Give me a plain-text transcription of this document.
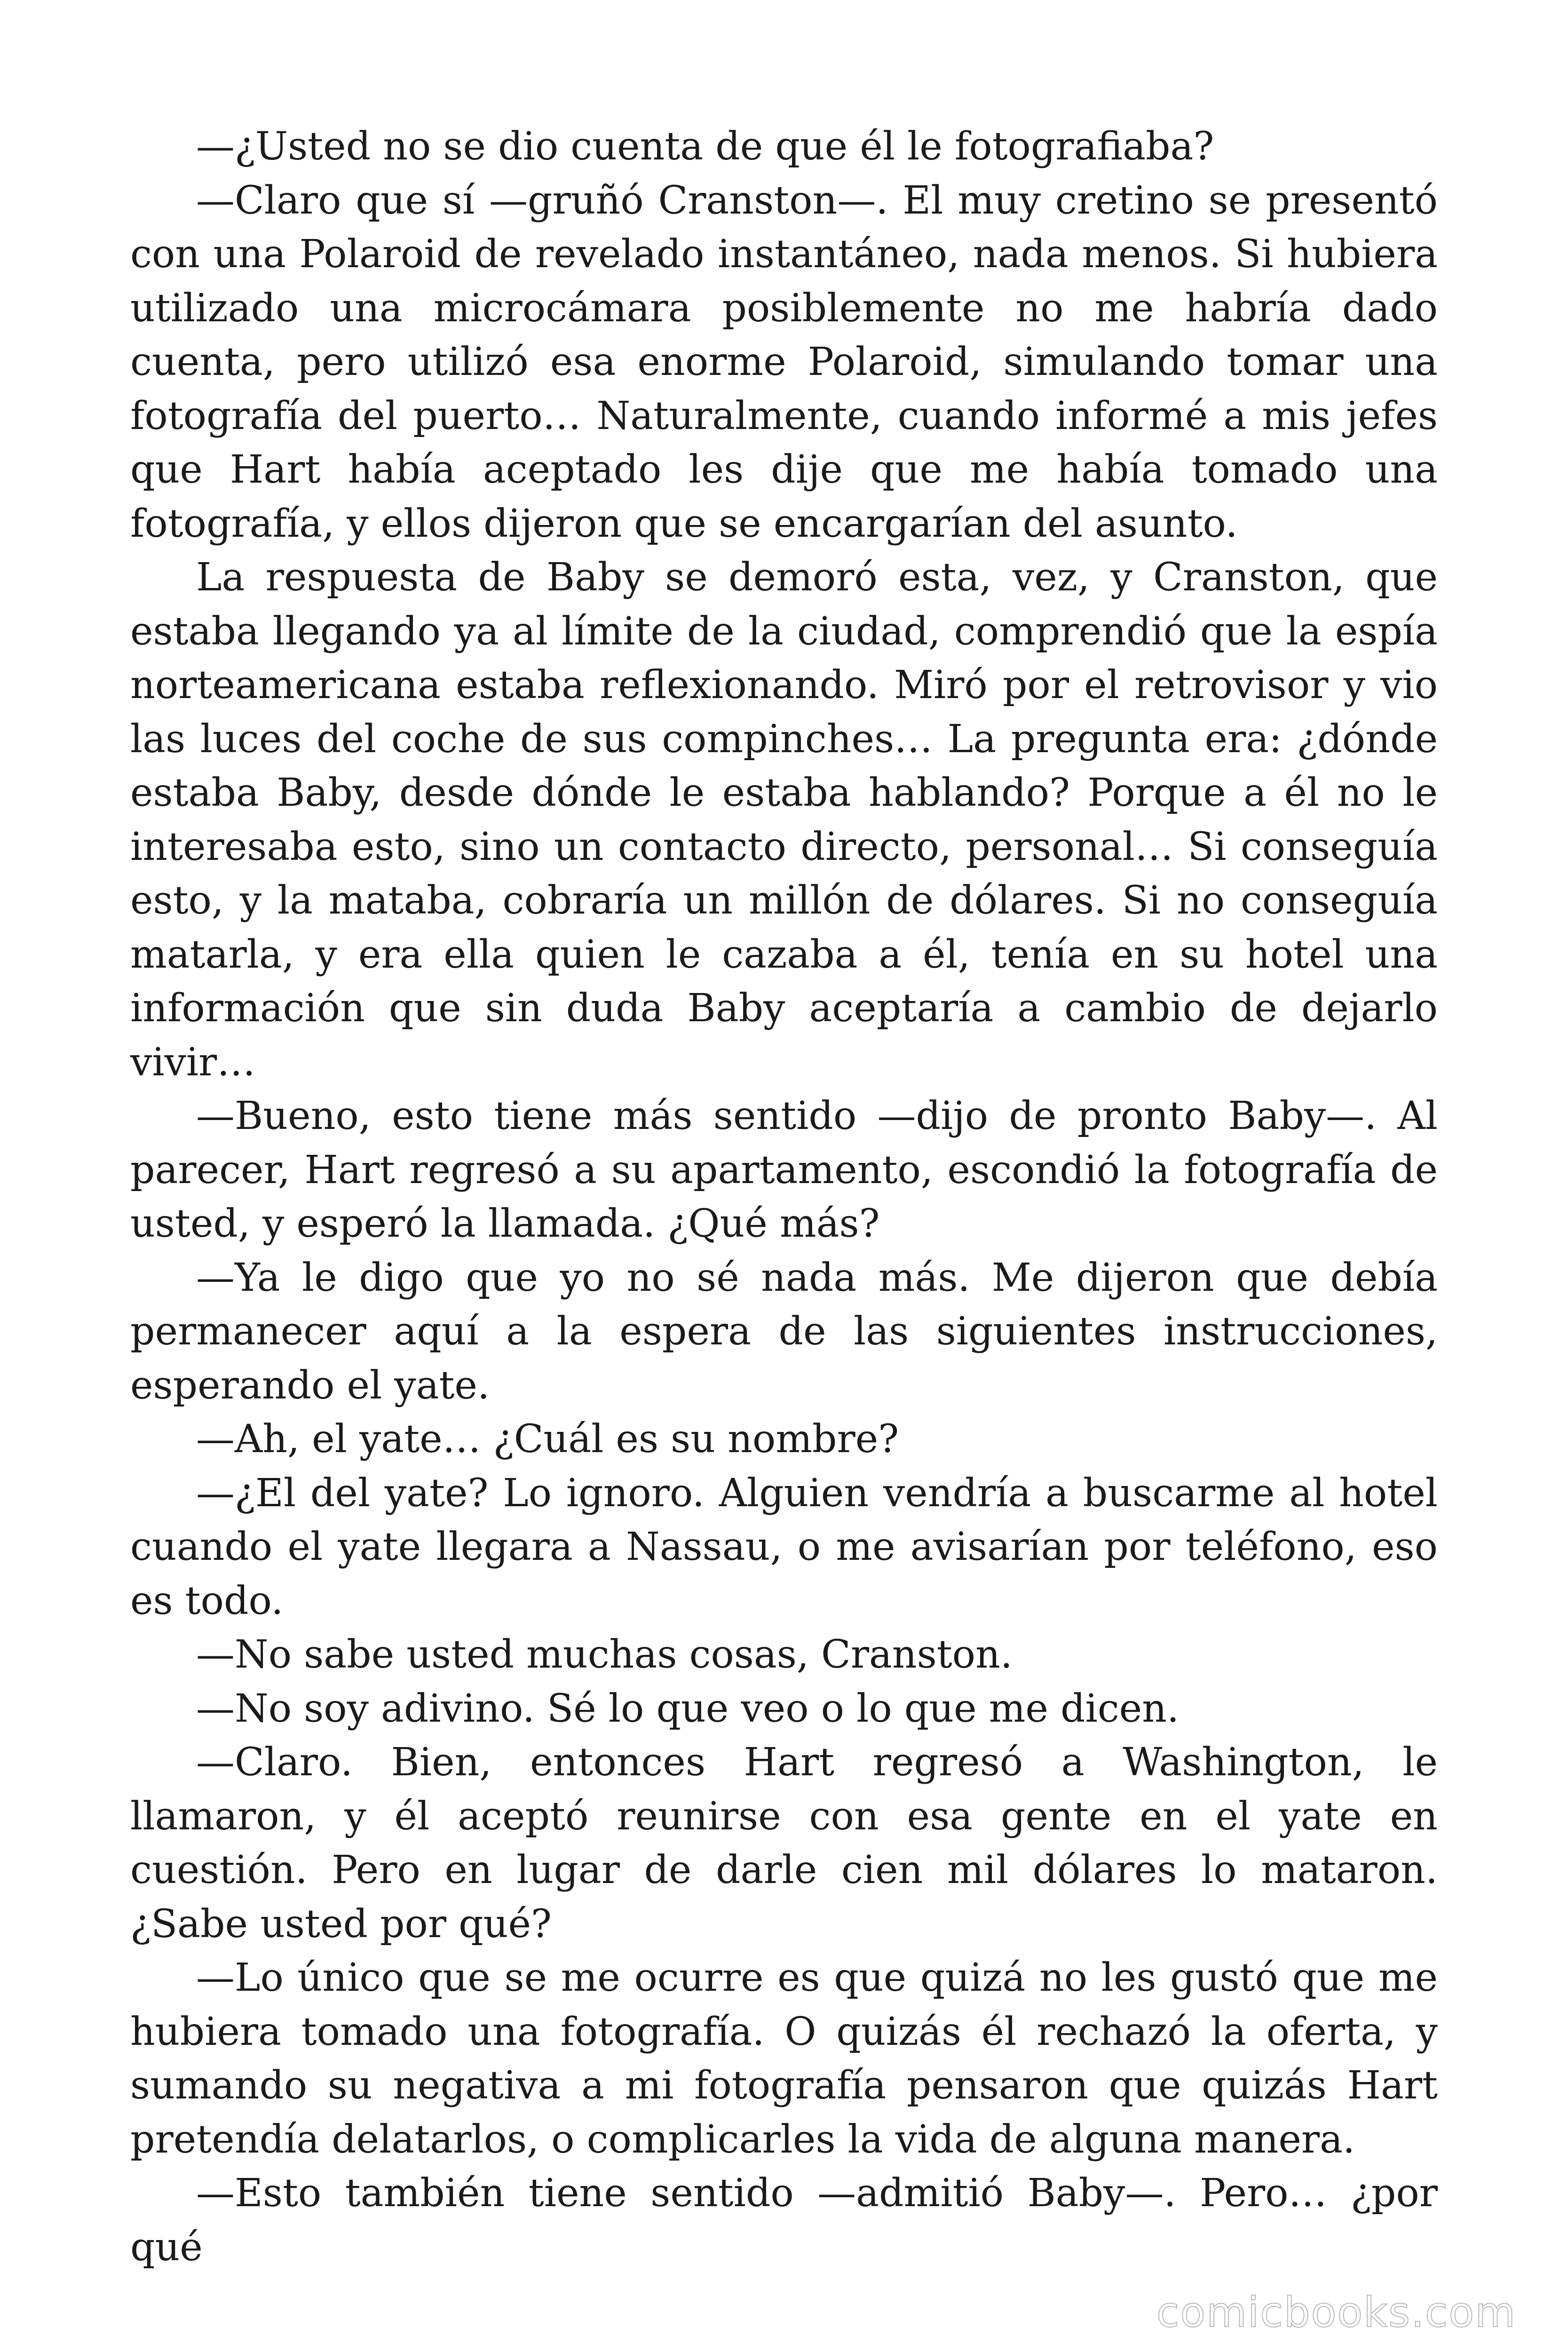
—¿Usted no se dio cuenta de que él le fotografiaba?

—Claro que sí —gruñó Cranston—. El muy cretino se presentó con una Polaroid de revelado instantáneo, nada menos. Si hubiera utilizado una microcámara posiblemente no me habría dado cuenta, pero utilizó esa enorme Polaroid, simulando tomar una fotografía del puerto… Naturalmente, cuando informé a mis jefes que Hart había aceptado les dije que me había tomado una fotografía, y ellos dijeron que se encargarían del asunto.

La respuesta de Baby se demoró esta, vez, y Cranston, que estaba llegando ya al límite de la ciudad, comprendió que la espía norteamericana estaba reflexionando. Miró por el retrovisor y vio las luces del coche de sus compinches… La pregunta era: ¿dónde estaba Baby, desde dónde le estaba hablando? Porque a él no le interesaba esto, sino un contacto directo, personal… Si conseguía esto, y la mataba, cobraría un millón de dólares. Si no conseguía matarla, y era ella quien le cazaba a él, tenía en su hotel una información que sin duda Baby aceptaría a cambio de dejarlo vivir…

—Bueno, esto tiene más sentido —dijo de pronto Baby—. Al parecer, Hart regresó a su apartamento, escondió la fotografía de usted, y esperó la llamada. ¿Qué más?

—Ya le digo que yo no sé nada más. Me dijeron que debía permanecer aquí a la espera de las siguientes instrucciones, esperando el yate.

—Ah, el yate… ¿Cuál es su nombre?

—¿El del yate? Lo ignoro. Alguien vendría a buscarme al hotel cuando el yate llegara a Nassau, o me avisarían por teléfono, eso es todo.

—No sabe usted muchas cosas, Cranston.

—No soy adivino. Sé lo que veo o lo que me dicen.

—Claro. Bien, entonces Hart regresó a Washington, le llamaron, y él aceptó reunirse con esa gente en el yate en cuestión. Pero en lugar de darle cien mil dólares lo mataron. ¿Sabe usted por qué?

—Lo único que se me ocurre es que quizá no les gustó que me hubiera tomado una fotografía. O quizás él rechazó la oferta, y sumando su negativa a mi fotografía pensaron que quizás Hart pretendía delatarlos, o complicarles la vida de alguna manera.

—Esto también tiene sentido —admitió Baby—. Pero… ¿por qué

comicbooks.com
